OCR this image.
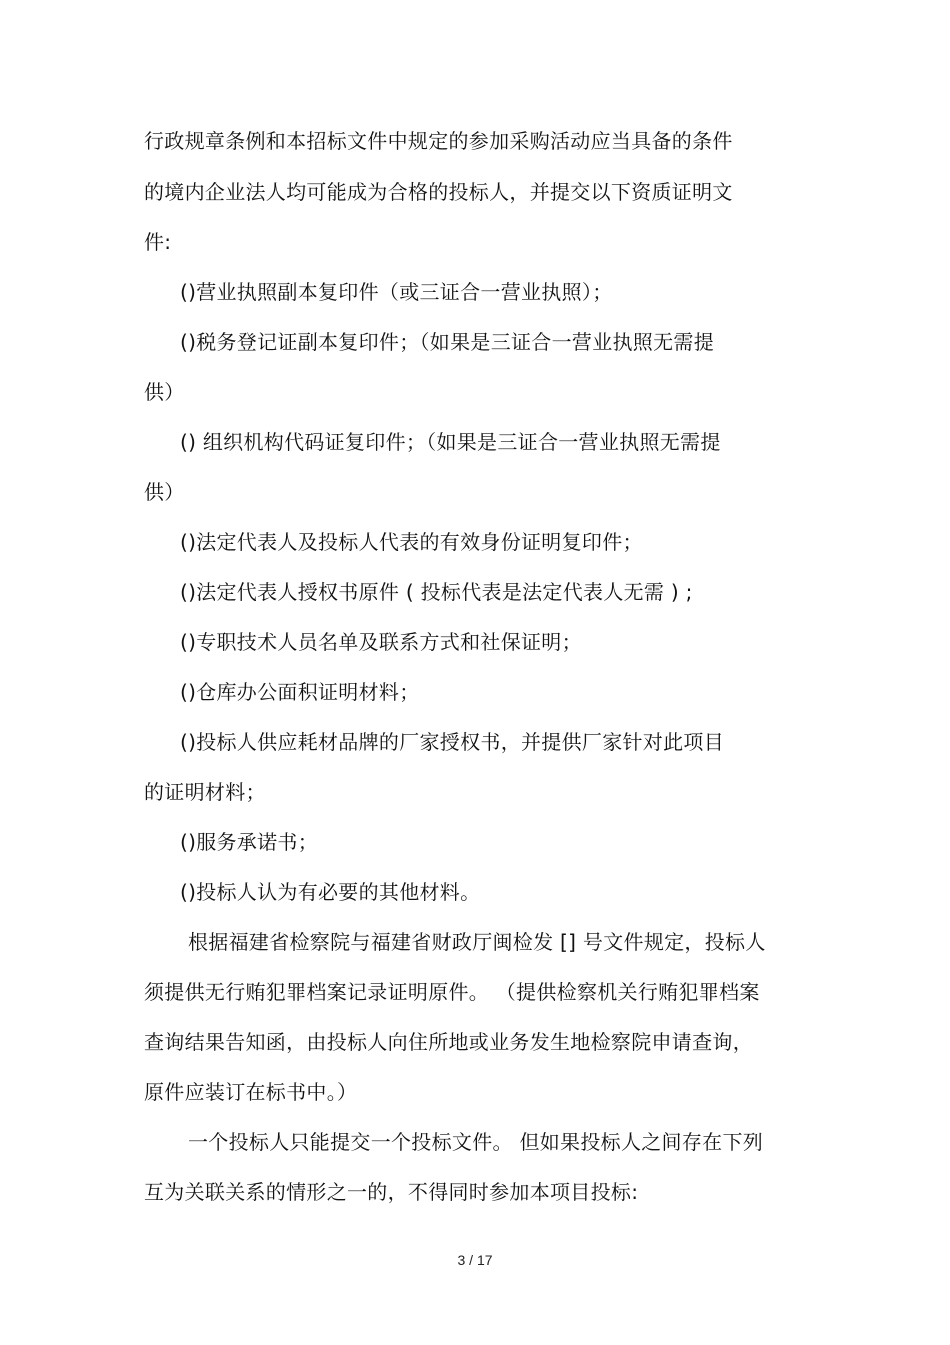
行政规章条例和本招标文件中规定的参加采购活动应当具备的条件
的境内企业法人均可能成为合格的投标人，并提交以下资质证明文
件:
()营业执照副本复印件（或三证合一营业执照）；
()税务登记证副本复印件；（如果是三证合一营业执照无需提
供）
() 组织机构代码证复印件；（如果是三证合一营业执照无需提
供）
()法定代表人及投标人代表的有效身份证明复印件；
()法定代表人授权书原件 ( 投标代表是法定代表人无需 ) ;
()专职技术人员名单及联系方式和社保证明；
()仓库办公面积证明材料；
()投标人供应耗材品牌的厂家授权书，并提供厂家针对此项目
的证明材料；
()服务承诺书；
()投标人认为有必要的其他材料。
根据福建省检察院与福建省财政厅闽检发 [] 号文件规定，投标人
须提供无行贿犯罪档案记录证明原件。 （提供检察机关行贿犯罪档案
查询结果告知函，由投标人向住所地或业务发生地检察院申请查询，
原件应装订在标书中。）
一个投标人只能提交一个投标文件。 但如果投标人之间存在下列
互为关联关系的情形之一的，不得同时参加本项目投标:
3 / 17
